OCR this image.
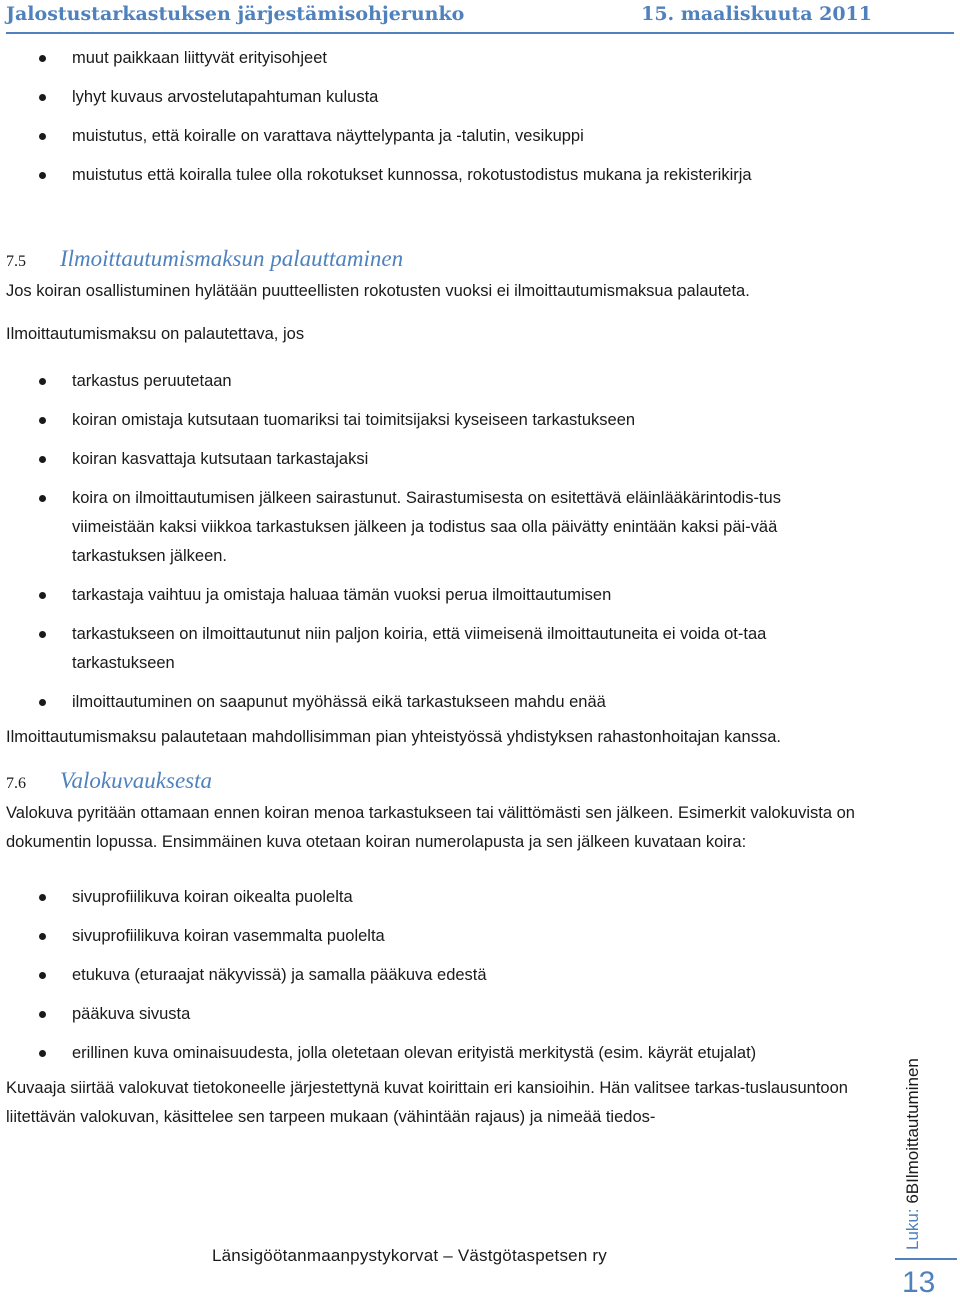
Jalostustarkastuksen järjestämisohjerunko	15. maaliskuuta 2011
muut paikkaan liittyvät erityisohjeet
lyhyt kuvaus arvostelutapahtuman kulusta
muistutus, että koiralle on varattava näyttelypanta ja -talutin, vesikuppi
muistutus että koiralla tulee olla rokotukset kunnossa, rokotustodistus mukana ja rekisterikirja
7.5 Ilmoittautumismaksun palauttaminen

Jos koiran osallistuminen hylätään puutteellisten rokotusten vuoksi ei ilmoittautumismaksua palauteta.

Ilmoittautumismaksu on palautettava, jos

tarkastus peruutetaan
koiran omistaja kutsutaan tuomariksi tai toimitsijaksi kyseiseen tarkastukseen
koiran kasvattaja kutsutaan tarkastajaksi
koira on ilmoittautumisen jälkeen sairastunut. Sairastumisesta on esitettävä eläinlääkärintodis-tus viimeistään kaksi viikkoa tarkastuksen jälkeen ja todistus saa olla päivätty enintään kaksi päi-vää tarkastuksen jälkeen.
tarkastaja vaihtuu ja omistaja haluaa tämän vuoksi perua ilmoittautumisen
tarkastukseen on ilmoittautunut niin paljon koiria, että viimeisenä ilmoittautuneita ei voida ot-taa tarkastukseen
ilmoittautuminen on saapunut myöhässä eikä tarkastukseen mahdu enää

Ilmoittautumismaksu palautetaan mahdollisimman pian yhteistyössä yhdistyksen rahastonhoitajan kanssa.

7.6 Valokuvauksesta

Valokuva pyritään ottamaan ennen koiran menoa tarkastukseen tai välittömästi sen jälkeen. Esimerkit valokuvista on dokumentin lopussa. Ensimmäinen kuva otetaan koiran numerolapusta ja sen jälkeen kuvataan koira:

sivuprofiilikuva koiran oikealta puolelta
sivuprofiilikuva koiran vasemmalta puolelta
etukuva (eturaajat näkyvissä) ja samalla pääkuva edestä
pääkuva sivusta
erillinen kuva ominaisuudesta, jolla oletetaan olevan erityistä merkitystä (esim. käyrät etujalat)

Kuvaaja siirtää valokuvat tietokoneelle järjestettynä kuvat koirittain eri kansioihin. Hän valitsee tarkas-tuslausuntoon liitettävän valokuvan, käsittelee sen tarpeen mukaan (vähintään rajaus) ja nimeää tiedos-

Länsigöötanmaanpystykorvat – Västgötaspetsen ry
Luku: 6BIlmoittautuminen
13
